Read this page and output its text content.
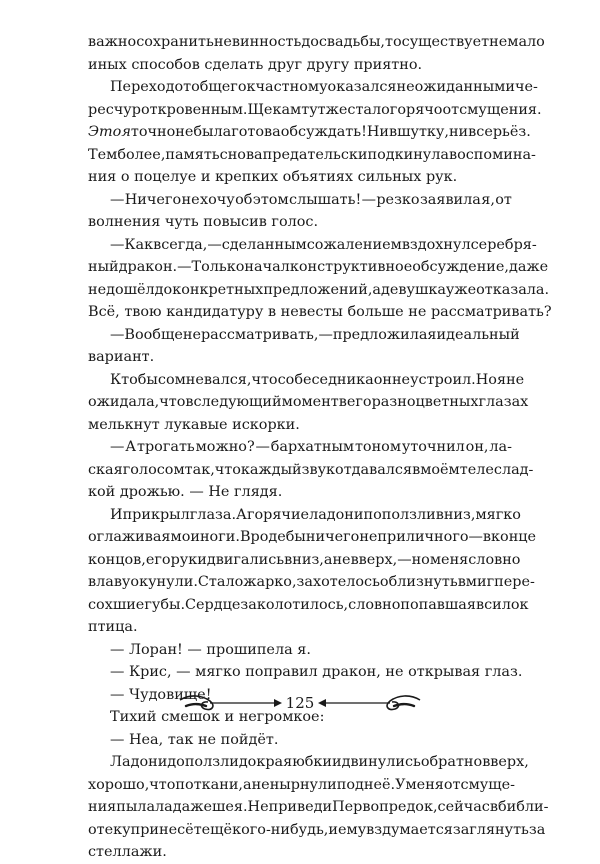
важно сохранить невинность до свадьбы, то существует немало
иных способов сделать друг другу приятно.
Переход от общего к частному оказался неожиданным и че-
ресчур откровенным. Щекам тут же стало горячо от смущения.
Это я точно не была готова обсуждать! Ни в шутку, ни всерьёз.
Тем более, память снова предательски подкинула воспомина-
ния о поцелуе и крепких объятиях сильных рук.
— Ничего не хочу об этом слышать! — резко заявила я, от
волнения чуть повысив голос.
— Как всегда, — с деланным сожалением вздохнул серебря-
ный дракон. — Только начал конструктивное обсуждение, даже
не дошёл до конкретных предложений, а девушка уже отказала.
Всё, твою кандидатуру в невесты больше не рассматривать?
— Вообще не рассматривать, — предложила я идеальный
вариант.
Кто бы сомневался, что собеседника он не устроил. Но я не
ожидала, что в следующий момент в его разноцветных глазах
мелькнут лукавые искорки.
— А трогать можно? — бархатным тоном уточнил он, ла-
ская голосом так, что каждый звук отдавался в моём теле слад-
кой дрожью. — Не глядя.
И прикрыл глаза. А горячие ладони поползли вниз, мягко
оглаживая мои ноги. Вроде бы ничего неприличного — в конце
концов, его руки двигались вниз, а не вверх, — но меня словно
в лаву окунули. Стало жарко, захотелось облизнуть вмиг пере-
сохшие губы. Сердце заколотилось, словно попавшая в силок
птица.
— Лоран! — прошипела я.
— Крис, — мягко поправил дракон, не открывая глаз.
— Чудовище!
Тихий смешок и негромкое:
— Неа, так не пойдёт.
Ладони доползли до края юбки и двинулись обратно вверх,
хорошо, что по ткани, а не нырнули под неё. У меня от смуще-
ния пылала даже шея. Не приведи Первопредок, сейчас в библи-
отеку принесёт ещё кого-нибудь, и ему вздумается заглянуть за
стеллажи.
125
